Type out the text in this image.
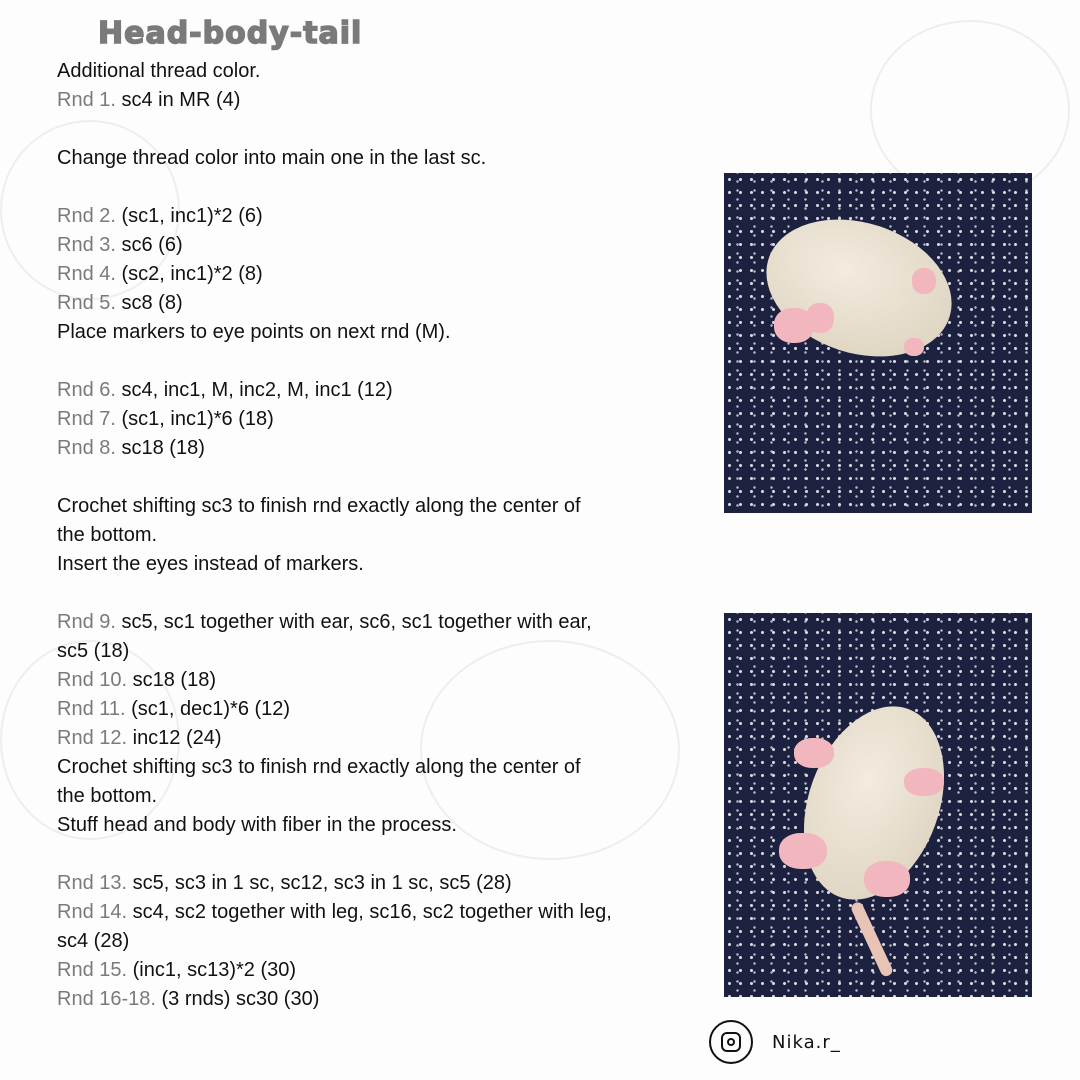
Head-body-tail
Additional thread color.
Rnd 1. sc4 in MR (4)
Change thread color into main one in the last sc.
Rnd 2. (sc1, inc1)*2 (6)
Rnd 3. sc6 (6)
Rnd 4. (sc2, inc1)*2 (8)
Rnd 5. sc8 (8)
Place markers to eye points on next rnd (M).
Rnd 6. sc4, inc1, M, inc2, M, inc1 (12)
Rnd 7. (sc1, inc1)*6 (18)
Rnd 8. sc18 (18)
Crochet shifting sc3 to finish rnd exactly along the center of
the bottom.
Insert the eyes instead of markers.
Rnd 9. sc5, sc1 together with ear, sc6, sc1 together with ear,
sc5 (18)
Rnd 10. sc18 (18)
Rnd 11. (sc1, dec1)*6 (12)
Rnd 12. inc12 (24)
Crochet shifting sc3 to finish rnd exactly along the center of
the bottom.
Stuff head and body with fiber in the process.
Rnd 13. sc5, sc3 in 1 sc, sc12, sc3 in 1 sc, sc5 (28)
Rnd 14. sc4, sc2 together with leg, sc16, sc2 together with leg,
sc4 (28)
Rnd 15. (inc1, sc13)*2 (30)
Rnd 16-18. (3 rnds) sc30 (30)
Nika.r_
